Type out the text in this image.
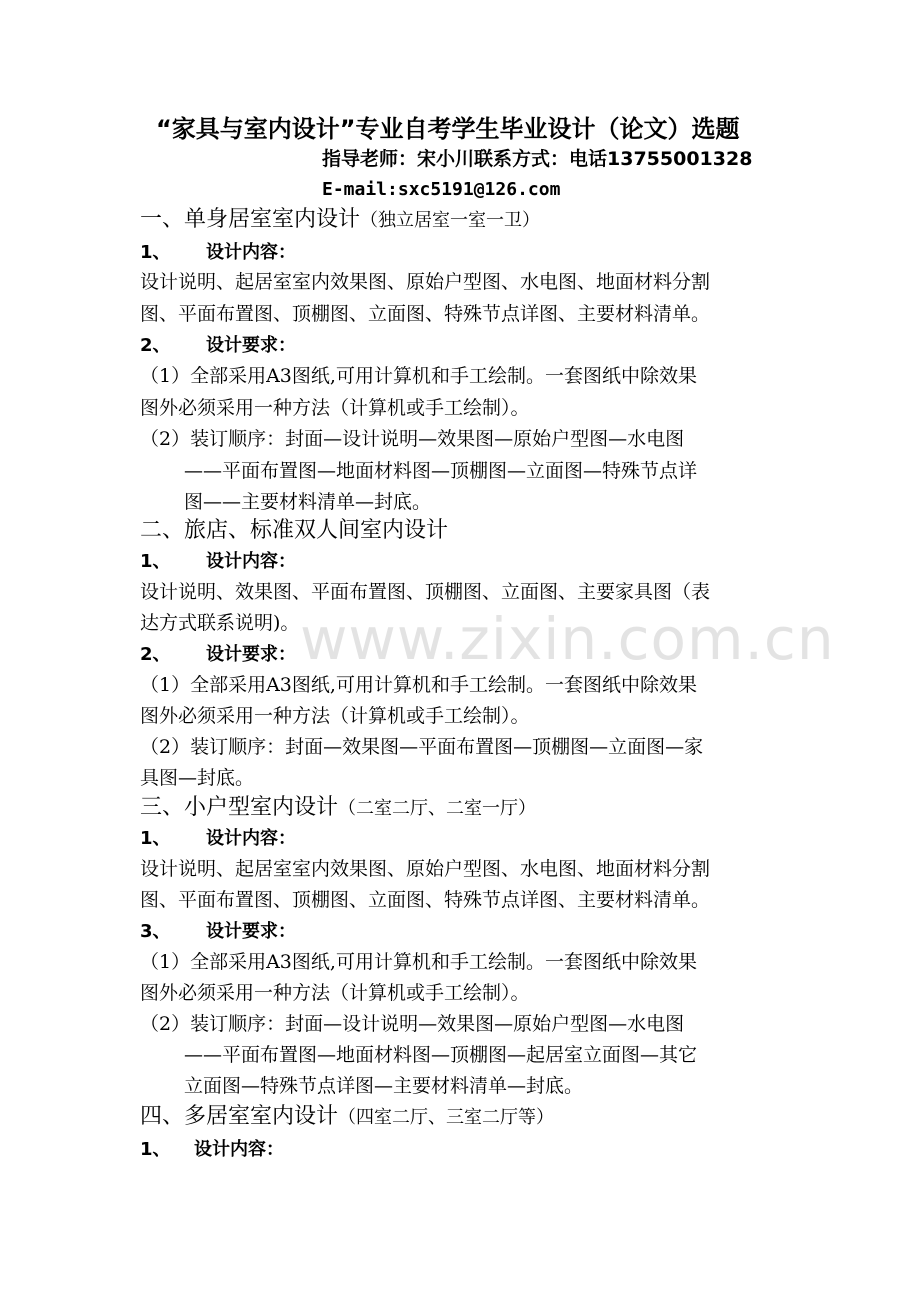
www.zixin.com.cn
“家具与室内设计”专业自考学生毕业设计（论文）选题
指导老师：宋小川联系方式：电话13755001328
E-mail:sxc5191@126.com
一、单身居室室内设计（独立居室一室一卫）
1、 设计内容：
设计说明、起居室室内效果图、原始户型图、水电图、地面材料分割
图、平面布置图、顶棚图、立面图、特殊节点详图、主要材料清单。
2、 设计要求：
（1）全部采用A3图纸,可用计算机和手工绘制。一套图纸中除效果
图外必须采用一种方法（计算机或手工绘制）。
（2）装订顺序：封面—设计说明—效果图—原始户型图—水电图
——平面布置图—地面材料图—顶棚图—立面图—特殊节点详
图——主要材料清单—封底。
二、旅店、标准双人间室内设计
1、 设计内容：
设计说明、效果图、平面布置图、顶棚图、立面图、主要家具图（表
达方式联系说明)。
2、 设计要求：
（1）全部采用A3图纸,可用计算机和手工绘制。一套图纸中除效果
图外必须采用一种方法（计算机或手工绘制）。
（2）装订顺序：封面—效果图—平面布置图—顶棚图—立面图—家
具图—封底。
三、小户型室内设计（二室二厅、二室一厅）
1、 设计内容：
设计说明、起居室室内效果图、原始户型图、水电图、地面材料分割
图、平面布置图、顶棚图、立面图、特殊节点详图、主要材料清单。
3、 设计要求：
（1）全部采用A3图纸,可用计算机和手工绘制。一套图纸中除效果
图外必须采用一种方法（计算机或手工绘制）。
（2）装订顺序：封面—设计说明—效果图—原始户型图—水电图
——平面布置图—地面材料图—顶棚图—起居室立面图—其它
立面图—特殊节点详图—主要材料清单—封底。
四、多居室室内设计（四室二厅、三室二厅等）
1、 设计内容：
